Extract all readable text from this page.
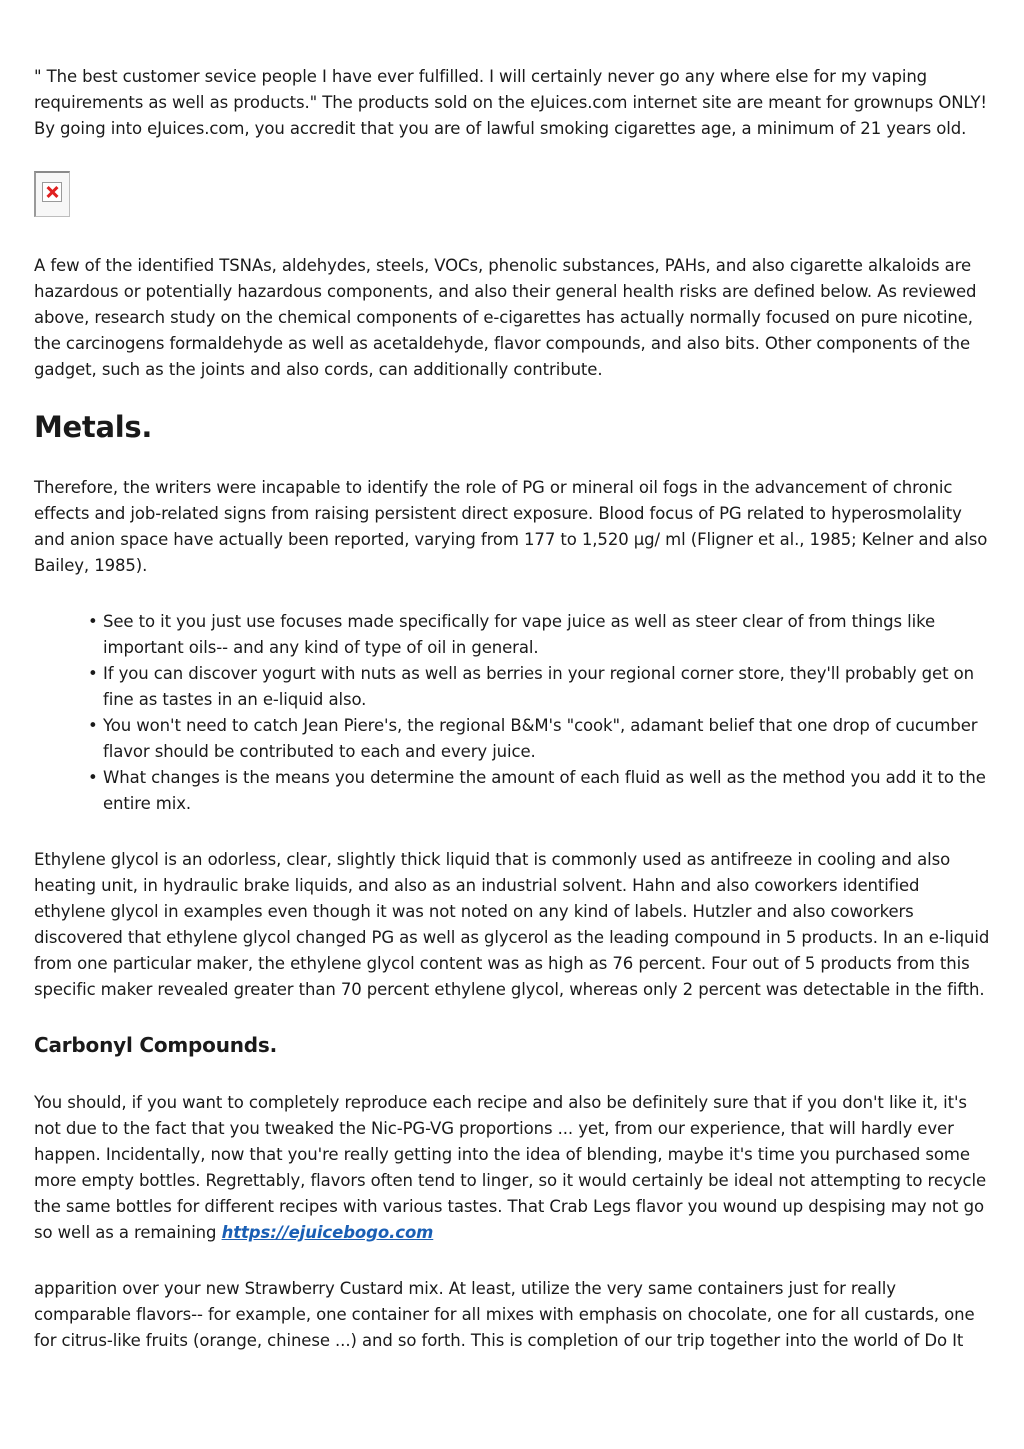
" The best customer sevice people I have ever fulfilled. I will certainly never go any where else for my vaping requirements as well as products." The products sold on the eJuices.com internet site are meant for grownups ONLY! By going into eJuices.com, you accredit that you are of lawful smoking cigarettes age, a minimum of 21 years old.

A few of the identified TSNAs, aldehydes, steels, VOCs, phenolic substances, PAHs, and also cigarette alkaloids are hazardous or potentially hazardous components, and also their general health risks are defined below. As reviewed above, research study on the chemical components of e-cigarettes has actually normally focused on pure nicotine, the carcinogens formaldehyde as well as acetaldehyde, flavor compounds, and also bits. Other components of the gadget, such as the joints and also cords, can additionally contribute.

Metals.

Therefore, the writers were incapable to identify the role of PG or mineral oil fogs in the advancement of chronic effects and job-related signs from raising persistent direct exposure. Blood focus of PG related to hyperosmolality and anion space have actually been reported, varying from 177 to 1,520 μg/ ml (Fligner et al., 1985; Kelner and also Bailey, 1985).

• See to it you just use focuses made specifically for vape juice as well as steer clear of from things like important oils-- and any kind of type of oil in general.
• If you can discover yogurt with nuts as well as berries in your regional corner store, they'll probably get on fine as tastes in an e-liquid also.
• You won't need to catch Jean Piere's, the regional B&M's "cook", adamant belief that one drop of cucumber flavor should be contributed to each and every juice.
• What changes is the means you determine the amount of each fluid as well as the method you add it to the entire mix.

Ethylene glycol is an odorless, clear, slightly thick liquid that is commonly used as antifreeze in cooling and also heating unit, in hydraulic brake liquids, and also as an industrial solvent. Hahn and also coworkers identified ethylene glycol in examples even though it was not noted on any kind of labels. Hutzler and also coworkers discovered that ethylene glycol changed PG as well as glycerol as the leading compound in 5 products. In an e-liquid from one particular maker, the ethylene glycol content was as high as 76 percent. Four out of 5 products from this specific maker revealed greater than 70 percent ethylene glycol, whereas only 2 percent was detectable in the fifth.

Carbonyl Compounds.

You should, if you want to completely reproduce each recipe and also be definitely sure that if you don't like it, it's not due to the fact that you tweaked the Nic-PG-VG proportions ... yet, from our experience, that will hardly ever happen. Incidentally, now that you're really getting into the idea of blending, maybe it's time you purchased some more empty bottles. Regrettably, flavors often tend to linger, so it would certainly be ideal not attempting to recycle the same bottles for different recipes with various tastes. That Crab Legs flavor you wound up despising may not go so well as a remaining https://ejuicebogo.com

apparition over your new Strawberry Custard mix. At least, utilize the very same containers just for really comparable flavors-- for example, one container for all mixes with emphasis on chocolate, one for all custards, one for citrus-like fruits (orange, chinese ...) and so forth. This is completion of our trip together into the world of Do It
